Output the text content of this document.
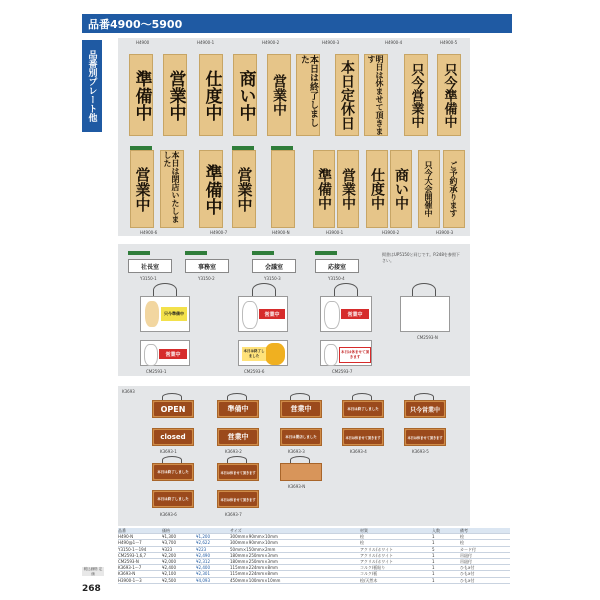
品番4900～5900
品番別プレート他
H4900	H4900-1	H4900-2	H4900-3	H4900-4	H4900-5
準備中 営業中 仕度中 商い中 営業中	本日は終了しました
本日定休日	明日は休ませて頂きます
只今営業中 只今準備中
営業中	本日は閉店いたしました
準備中 営業中	準備中 営業中 仕度中 商い中 只今大会開催中 ご予約承ります
H4900-6	H4900-7	H4900-N	H3900-1	H3900-2	H3900-3
社長室	事務室	会議室	応接室
Y3150-1	Y3150-2	Y3150-3	Y3150-4
掲書はUP5150と同じです。P.248を参照下さい。
只今準備中	営業中	営業中
CM2593-N
営業中
本日は終了しました
本日は休ませて頂きます
CM2593-1	CM2593-6	CM2593-7
K3693
OPEN	準備中	営業中	本日は終了しました	只今営業中
closed	営業中	本日は閉店しました	本日は休ませて頂きます	本日は休ませて頂きます
K3693-1	K3693-2	K3693-3	K3693-4	K3693-5
本日は終了しました	本日は休ませて頂きます
本日は終了しました	本日は休ませて頂きます
K3693-N
K3693-6	K3693-7
品番	価格	サイズ	材質	入数	備考
H490-N	¥1,300	¥1,200	300mm×90mm×10mm	桧	1	桧
H490@1〜7	¥3,700	¥2,622	300mm×90mm×10mm	桧	1	桧
Y3150-1〜194	¥323	¥223	50mm×150mm×2mm	アクリル/ホワイト	5	カード付
CM2593-1,6,7	¥2,200	¥2,490	180mm×250mm×3mm	アクリル/ホワイト	1	吊紐付
CM2593-N	¥2,000	¥2,312	180mm×250mm×3mm	アクリル/ホワイト	1	吊紐付
K3693-1〜7	¥2,400	¥2,400	115mm×224mm×8mm	コルク/板貼り	1	ひもx付
K3693-N	¥2,100	¥2,301	115mm×224mm×8mm	コルク/板	1	ひもx付
H3900-1〜3	¥2,500	¥4,093	450mm×100mm×10mm	桧/天然木	1	ひもx付
税込価格 定価
268
